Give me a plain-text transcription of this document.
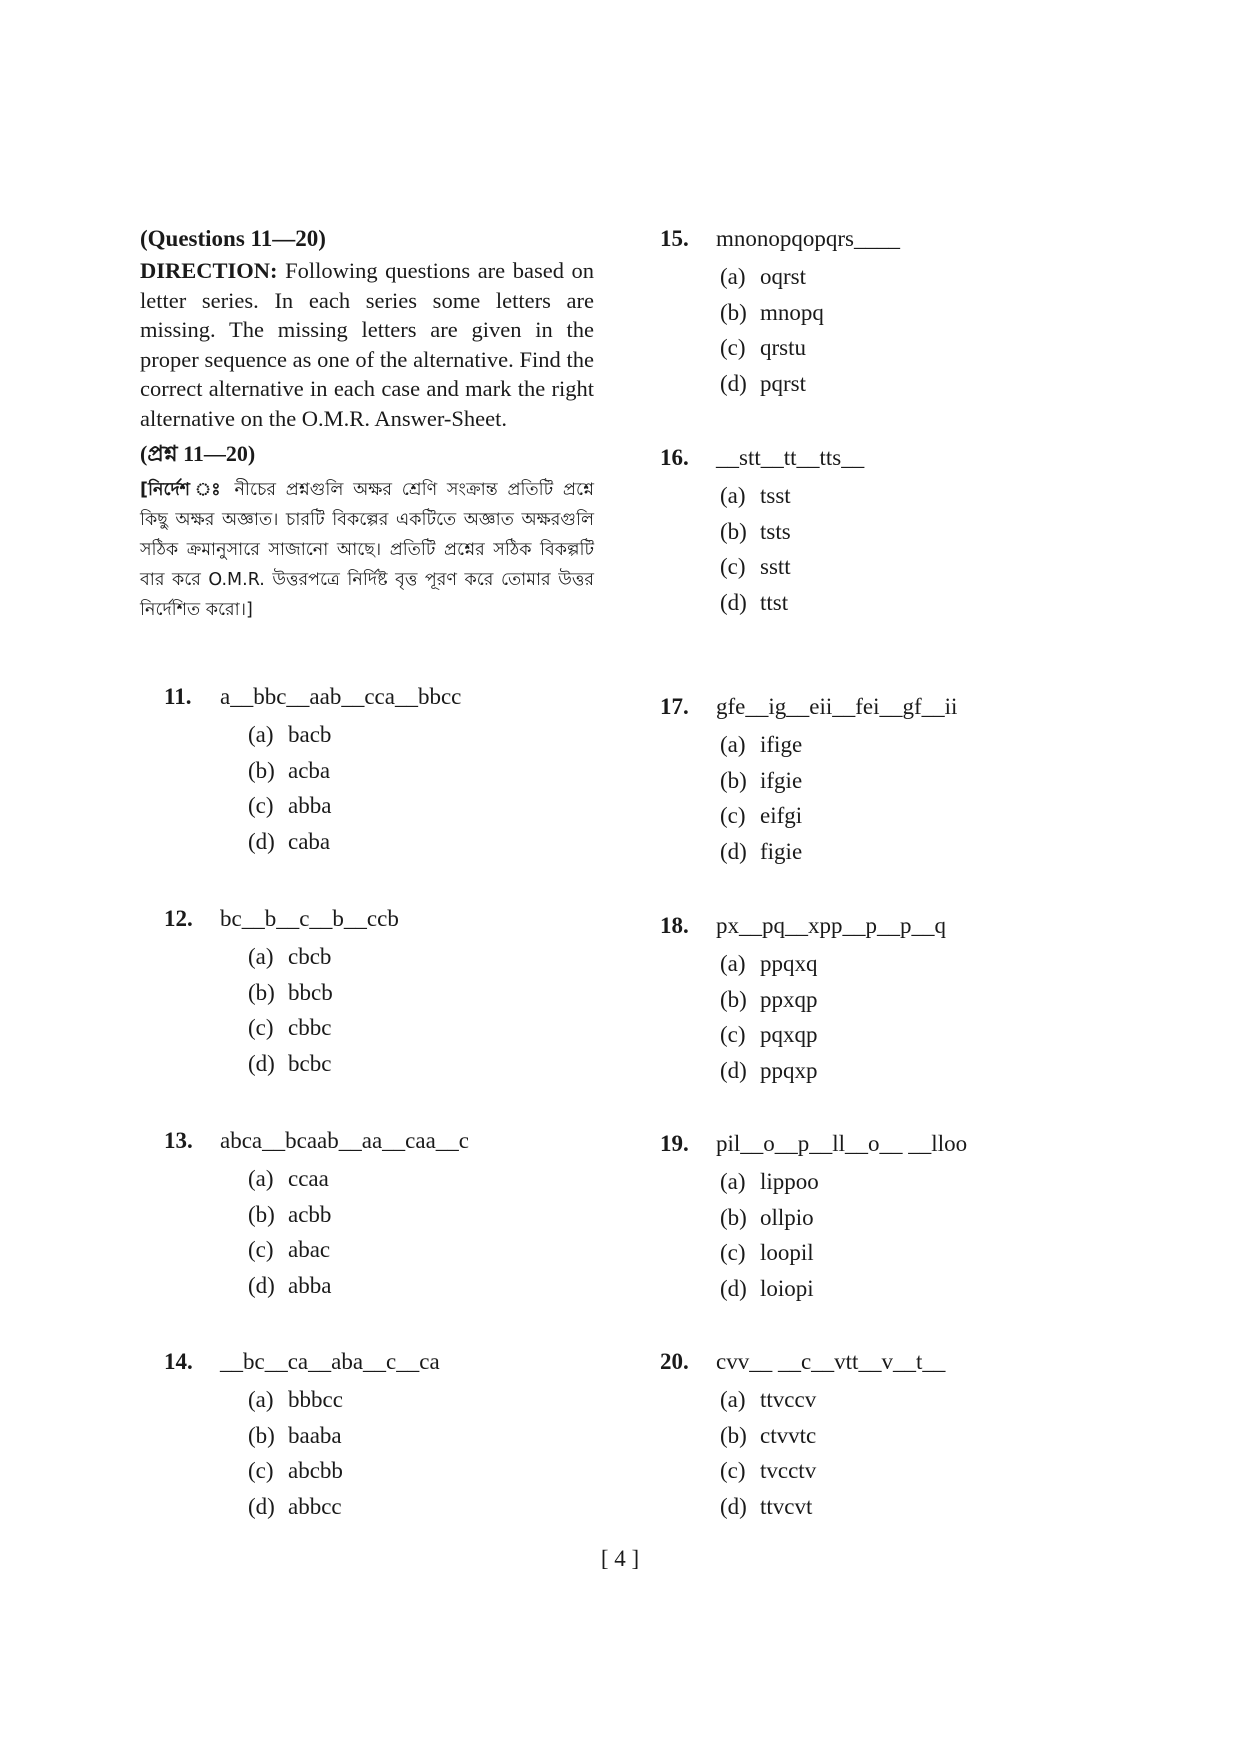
(Questions 11—20)

DIRECTION: Following questions are based on letter series. In each series some letters are missing. The missing letters are given in the proper sequence as one of the alternative. Find the correct alternative in each case and mark the right alternative on the O.M.R. Answer-Sheet.

(প্রশ্ন 11—20)

[নির্দেশ ঃ নীচের প্রশ্নগুলি অক্ষর শ্রেণি সংক্রান্ত প্রতিটি প্রশ্নে কিছু অক্ষর অজ্ঞাত। চারটি বিকল্পের একটিতে অজ্ঞাত অক্ষরগুলি সঠিক ক্রমানুসারে সাজানো আছে। প্রতিটি প্রশ্নের সঠিক বিকল্পটি বার করে O.M.R. উত্তরপত্রে নির্দিষ্ট বৃত্ত পূরণ করে তোমার উত্তর নির্দেশিত করো।]

11.	a__bbc__aab__cca__bbcc
(a) bacb
(b) acba
(c) abba
(d) caba
12.	bc__b__c__b__ccb
(a) cbcb
(b) bbcb
(c) cbbc
(d) bcbc
13.	abca__bcaab__aa__caa__c
(a) ccaa
(b) acbb
(c) abac
(d) abba
14.	__bc__ca__aba__c__ca
(a) bbbcc
(b) baaba
(c) abcbb
(d) abbcc
15.	mnonopqopqrs____
(a) oqrst
(b) mnopq
(c) qrstu
(d) pqrst
16.	__stt__tt__tts__
(a) tsst
(b) tsts
(c) sstt
(d) ttst
17.	gfe__ig__eii__fei__gf__ii
(a) ifige
(b) ifgie
(c) eifgi
(d) figie
18.	px__pq__xpp__p__p__q
(a) ppqxq
(b) ppxqp
(c) pqxqp
(d) ppqxp
19.	pil__o__p__ll__o__ __lloo
(a) lippoo
(b) ollpio
(c) loopil
(d) loiopi
20.	cvv__ __c__vtt__v__t__
(a) ttvccv
(b) ctvvtc
(c) tvcctv
(d) ttvcvt
[ 4 ]
